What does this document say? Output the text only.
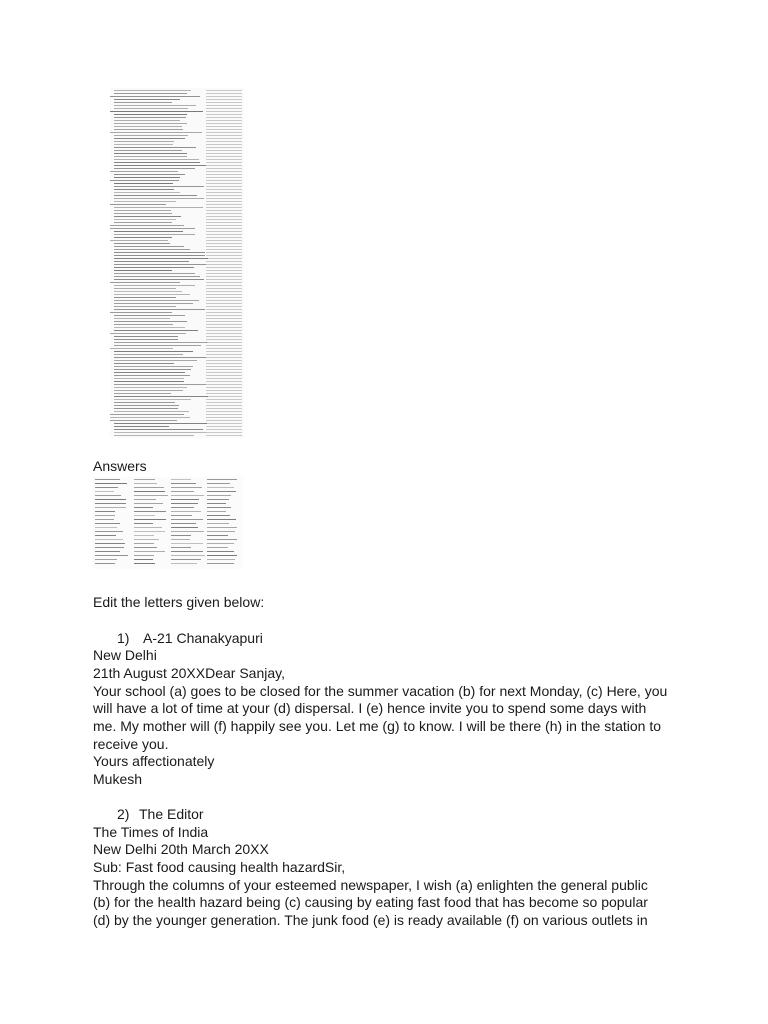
Answers
Edit the letters given below:
1) A-21 Chanakyapuri
New Delhi
21th August 20XXDear Sanjay,
Your school (a) goes to be closed for the summer vacation (b) for next Monday, (c) Here, you
will have a lot of time at your (d) dispersal. I (e) hence invite you to spend some days with
me. My mother will (f) happily see you. Let me (g) to know. I will be there (h) in the station to
receive you.
Yours affectionately
Mukesh
2) The Editor
The Times of India
New Delhi 20th March 20XX
Sub: Fast food causing health hazardSir,
Through the columns of your esteemed newspaper, I wish (a) enlighten the general public
(b) for the health hazard being (c) causing by eating fast food that has become so popular
(d) by the younger generation. The junk food (e) is ready available (f) on various outlets in
